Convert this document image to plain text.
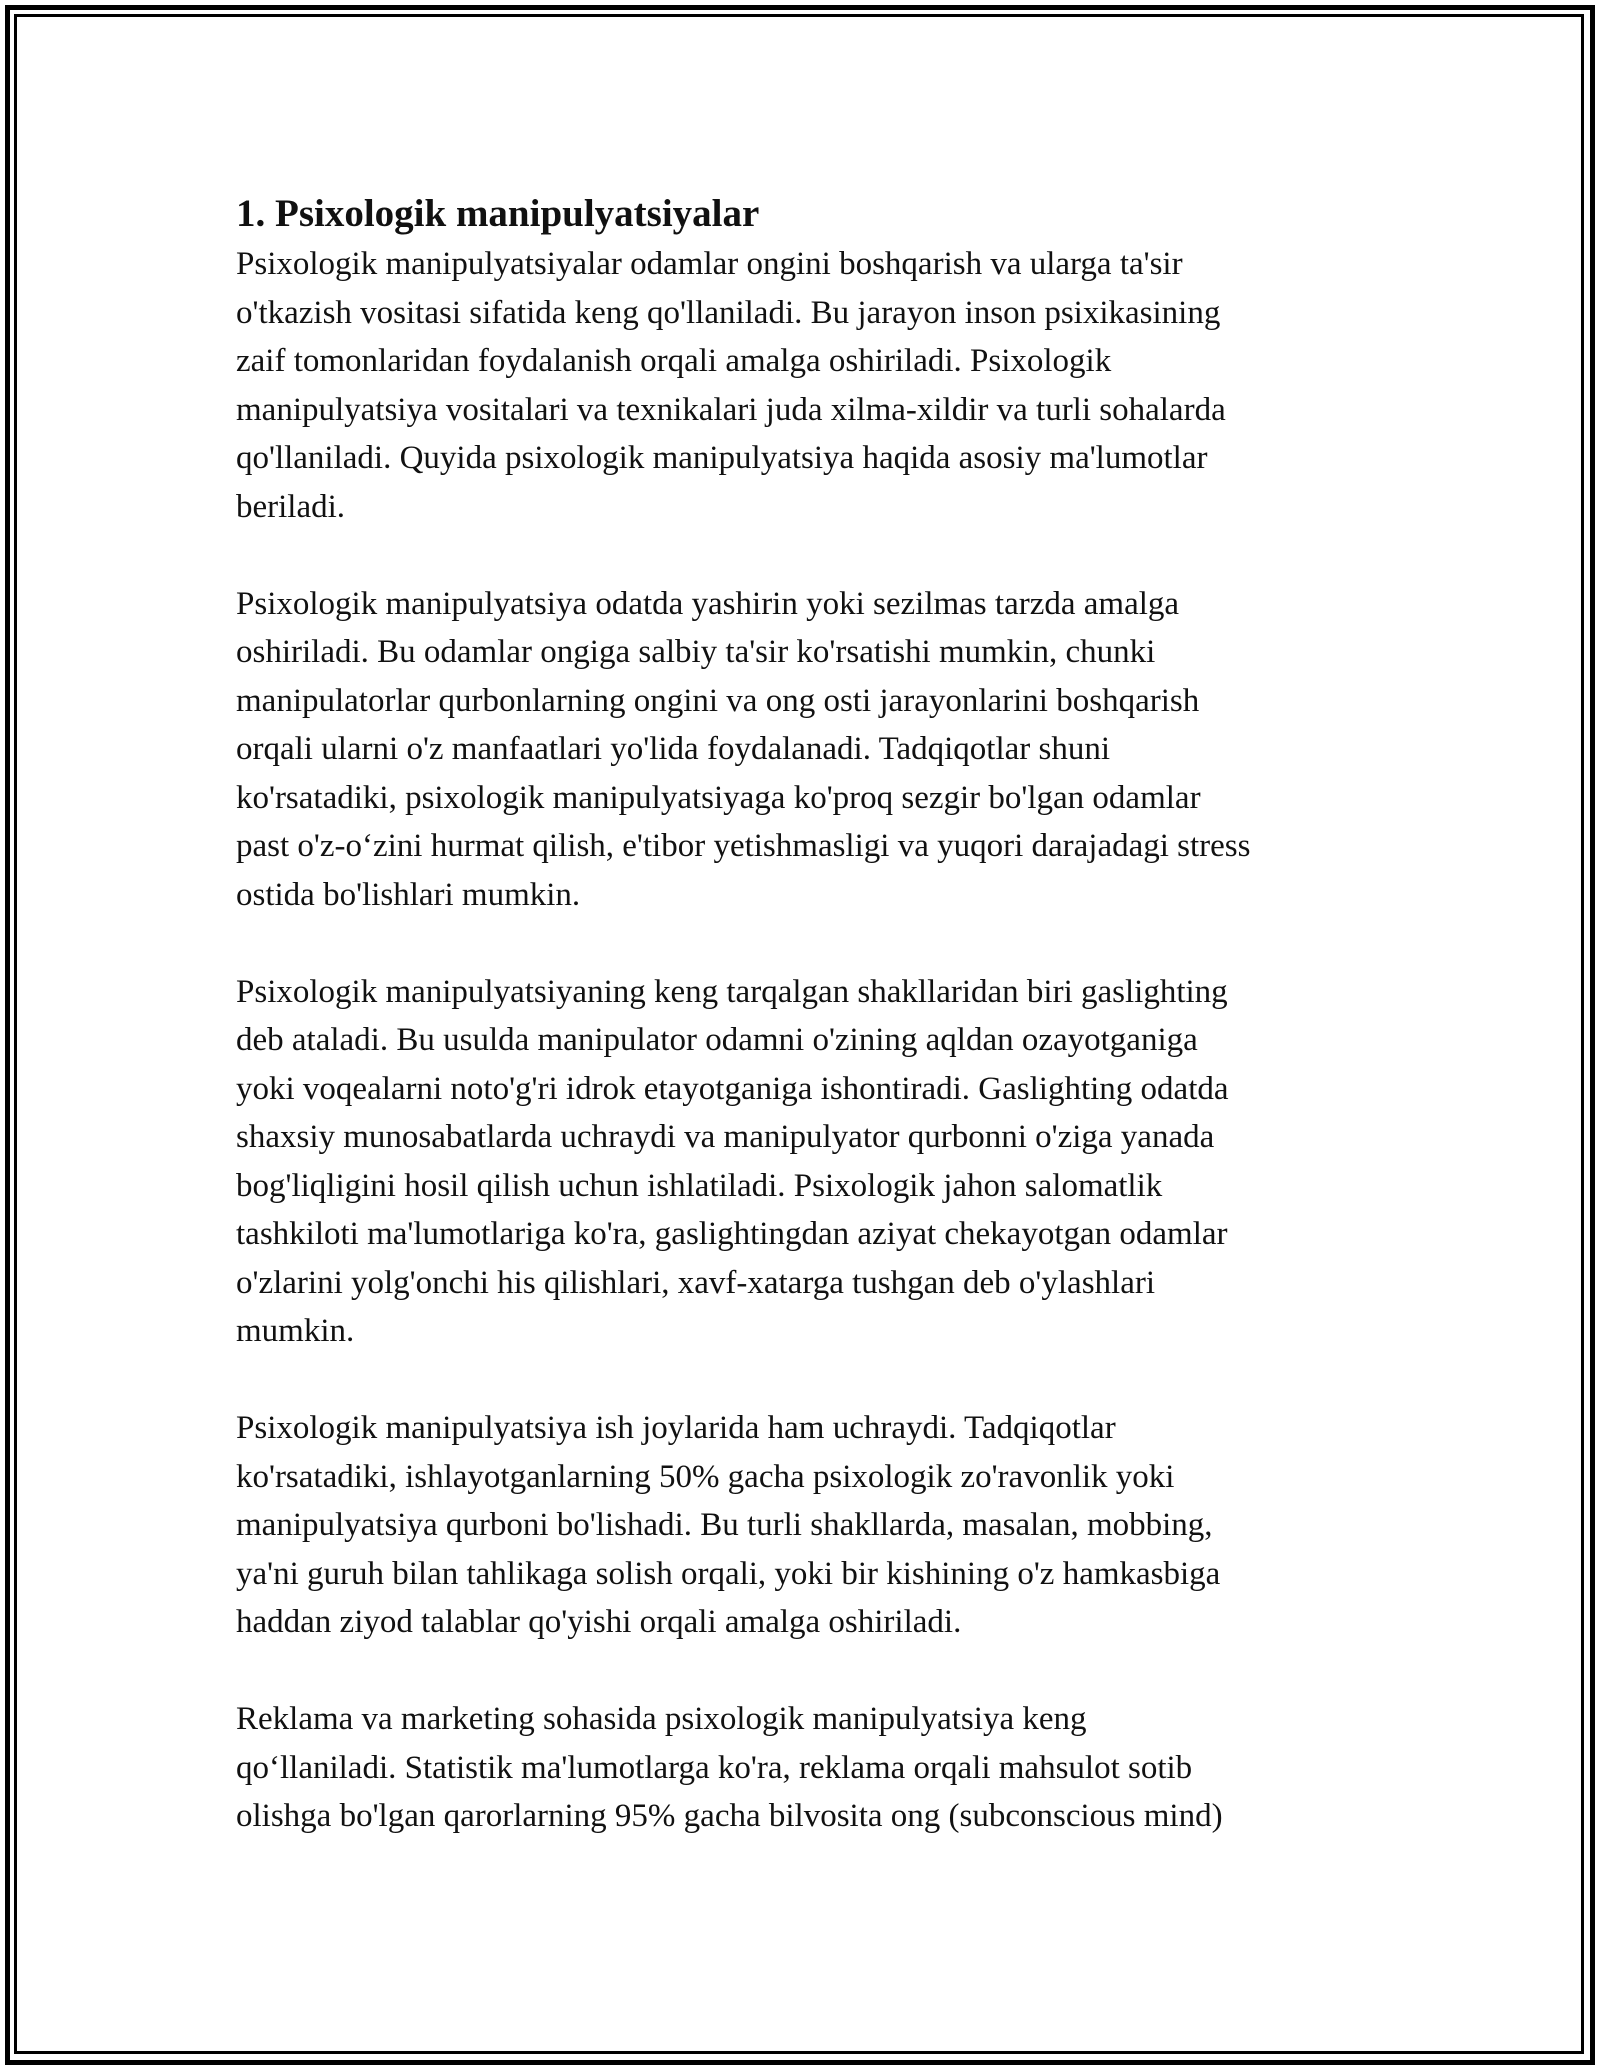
1. Psixologik manipulyatsiyalar
Psixologik manipulyatsiyalar odamlar ongini boshqarish va ularga ta'sir
o'tkazish vositasi sifatida keng qo'llaniladi. Bu jarayon inson psixikasining
zaif tomonlaridan foydalanish orqali amalga oshiriladi. Psixologik
manipulyatsiya vositalari va texnikalari juda xilma-xildir va turli sohalarda
qo'llaniladi. Quyida psixologik manipulyatsiya haqida asosiy ma'lumotlar
beriladi.
Psixologik manipulyatsiya odatda yashirin yoki sezilmas tarzda amalga
oshiriladi. Bu odamlar ongiga salbiy ta'sir ko'rsatishi mumkin, chunki
manipulatorlar qurbonlarning ongini va ong osti jarayonlarini boshqarish
orqali ularni o'z manfaatlari yo'lida foydalanadi. Tadqiqotlar shuni
ko'rsatadiki, psixologik manipulyatsiyaga ko'proq sezgir bo'lgan odamlar
past o'z-o‘zini hurmat qilish, e'tibor yetishmasligi va yuqori darajadagi stress
ostida bo'lishlari mumkin.
Psixologik manipulyatsiyaning keng tarqalgan shakllaridan biri gaslighting
deb ataladi. Bu usulda manipulator odamni o'zining aqldan ozayotganiga
yoki voqealarni noto'g'ri idrok etayotganiga ishontiradi. Gaslighting odatda
shaxsiy munosabatlarda uchraydi va manipulyator qurbonni o'ziga yanada
bog'liqligini hosil qilish uchun ishlatiladi. Psixologik jahon salomatlik
tashkiloti ma'lumotlariga ko'ra, gaslightingdan aziyat chekayotgan odamlar
o'zlarini yolg'onchi his qilishlari, xavf-xatarga tushgan deb o'ylashlari
mumkin.
Psixologik manipulyatsiya ish joylarida ham uchraydi. Tadqiqotlar
ko'rsatadiki, ishlayotganlarning 50% gacha psixologik zo'ravonlik yoki
manipulyatsiya qurboni bo'lishadi. Bu turli shakllarda, masalan, mobbing,
ya'ni guruh bilan tahlikaga solish orqali, yoki bir kishining o'z hamkasbiga
haddan ziyod talablar qo'yishi orqali amalga oshiriladi.
Reklama va marketing sohasida psixologik manipulyatsiya keng
qo‘llaniladi. Statistik ma'lumotlarga ko'ra, reklama orqali mahsulot sotib
olishga bo'lgan qarorlarning 95% gacha bilvosita ong (subconscious mind)
